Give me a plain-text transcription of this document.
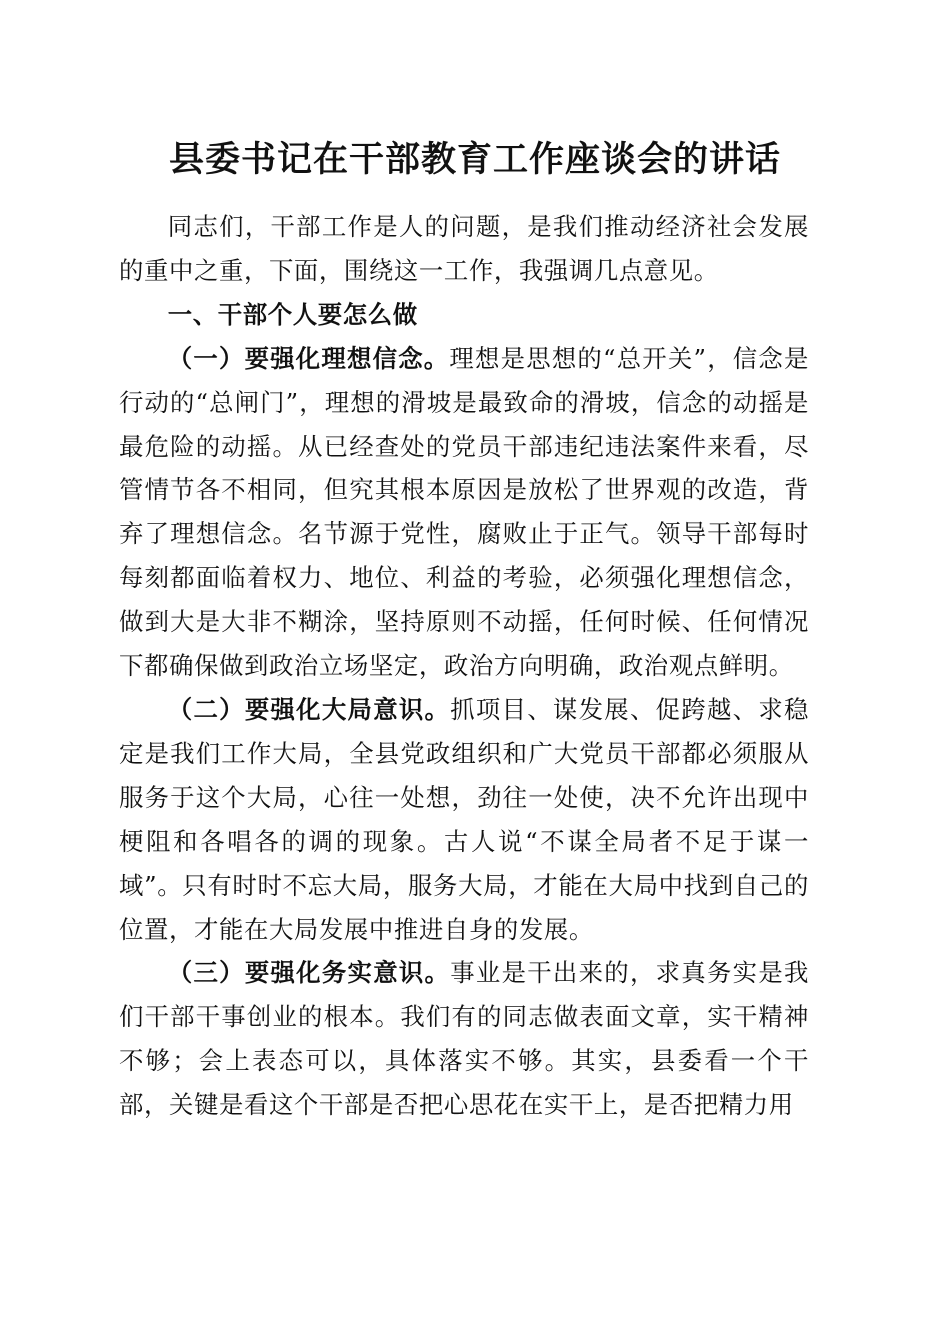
县委书记在干部教育工作座谈会的讲话

同志们，干部工作是人的问题，是我们推动经济社会发展的重中之重，下面，围绕这一工作，我强调几点意见。

一、干部个人要怎么做

（一）要强化理想信念。理想是思想的“总开关”，信念是行动的“总闸门”，理想的滑坡是最致命的滑坡，信念的动摇是最危险的动摇。从已经查处的党员干部违纪违法案件来看，尽管情节各不相同，但究其根本原因是放松了世界观的改造，背弃了理想信念。名节源于党性，腐败止于正气。领导干部每时每刻都面临着权力、地位、利益的考验，必须强化理想信念，做到大是大非不糊涂，坚持原则不动摇，任何时候、任何情况下都确保做到政治立场坚定，政治方向明确，政治观点鲜明。

（二）要强化大局意识。抓项目、谋发展、促跨越、求稳定是我们工作大局，全县党政组织和广大党员干部都必须服从服务于这个大局，心往一处想，劲往一处使，决不允许出现中梗阻和各唱各的调的现象。古人说“不谋全局者不足于谋一域”。只有时时不忘大局，服务大局，才能在大局中找到自己的位置，才能在大局发展中推进自身的发展。

（三）要强化务实意识。事业是干出来的，求真务实是我们干部干事创业的根本。我们有的同志做表面文章，实干精神不够；会上表态可以，具体落实不够。其实，县委看一个干部，关键是看这个干部是否把心思花在实干上，是否把精力用
